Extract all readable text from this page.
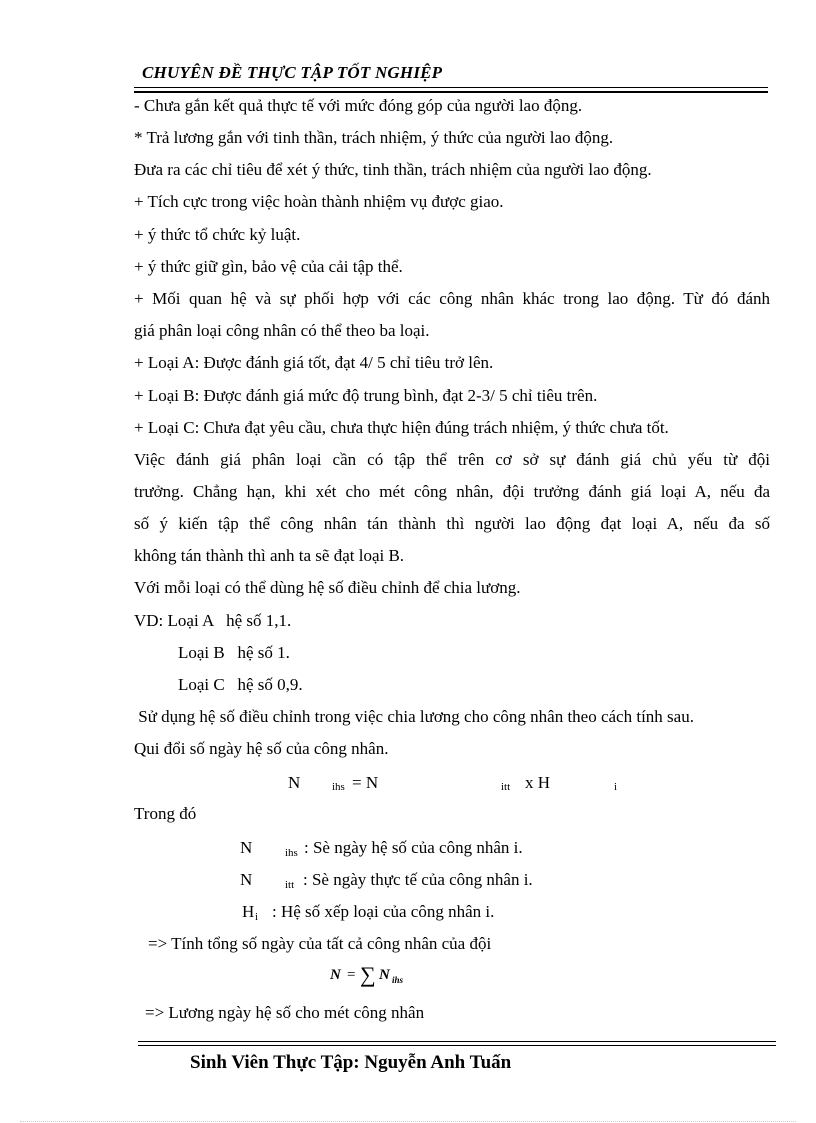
CHUYÊN ĐỀ THỰC TẬP TỐT NGHIỆP
- Chưa gắn kết quả thực tế với mức đóng góp của người lao động.
* Trả lương gắn với tinh thần, trách nhiệm, ý thức của người lao động.
Đưa ra các chỉ tiêu để xét ý thức, tinh thần, trách nhiệm của người lao động.
+ Tích cực trong việc hoàn thành nhiệm vụ được giao.
+ ý thức tổ chức kỷ luật.
+ ý thức giữ gìn, bảo vệ của cải tập thể.
+ Mối quan hệ và sự phối hợp với các công nhân khác trong lao động. Từ đó đánh
giá phân loại công nhân có thể theo ba loại.
+ Loại A: Được đánh giá tốt, đạt 4/ 5 chỉ tiêu trở lên.
+ Loại B: Được đánh giá mức độ trung bình, đạt 2-3/ 5 chỉ tiêu trên.
+ Loại C: Chưa đạt yêu cầu, chưa thực hiện đúng trách nhiệm, ý thức chưa tốt.
Việc đánh giá phân loại cần có tập thể trên cơ sở sự đánh giá chủ yếu từ đội
trưởng. Chẳng hạn, khi xét cho mét công nhân, đội trưởng đánh giá loại A, nếu đa
số ý kiến tập thể công nhân tán thành thì người lao động đạt loại A, nếu đa số
không tán thành thì anh ta sẽ đạt loại B.
Với mỗi loại có thể dùng hệ số điều chỉnh để chia lương.
VD: Loại A   hệ số 1,1.
Loại B   hệ số 1.
Loại C   hệ số 0,9.
Sử dụng hệ số điều chỉnh trong việc chia lương cho công nhân theo cách tính sau.
Qui đổi số ngày hệ số của công nhân.
N	ihs = N	itt x H	i
Trong đó
N	ihs : Sè ngày hệ số của công nhân i.
N	itt : Sè ngày thực tế của công nhân i.
H i : Hệ số xếp loại của công nhân i.
=> Tính tổng số ngày của tất cả công nhân của đội
N = ∑ N ihs
=> Lương ngày hệ số cho mét công nhân
Sinh Viên Thực Tập: Nguyễn Anh Tuấn
